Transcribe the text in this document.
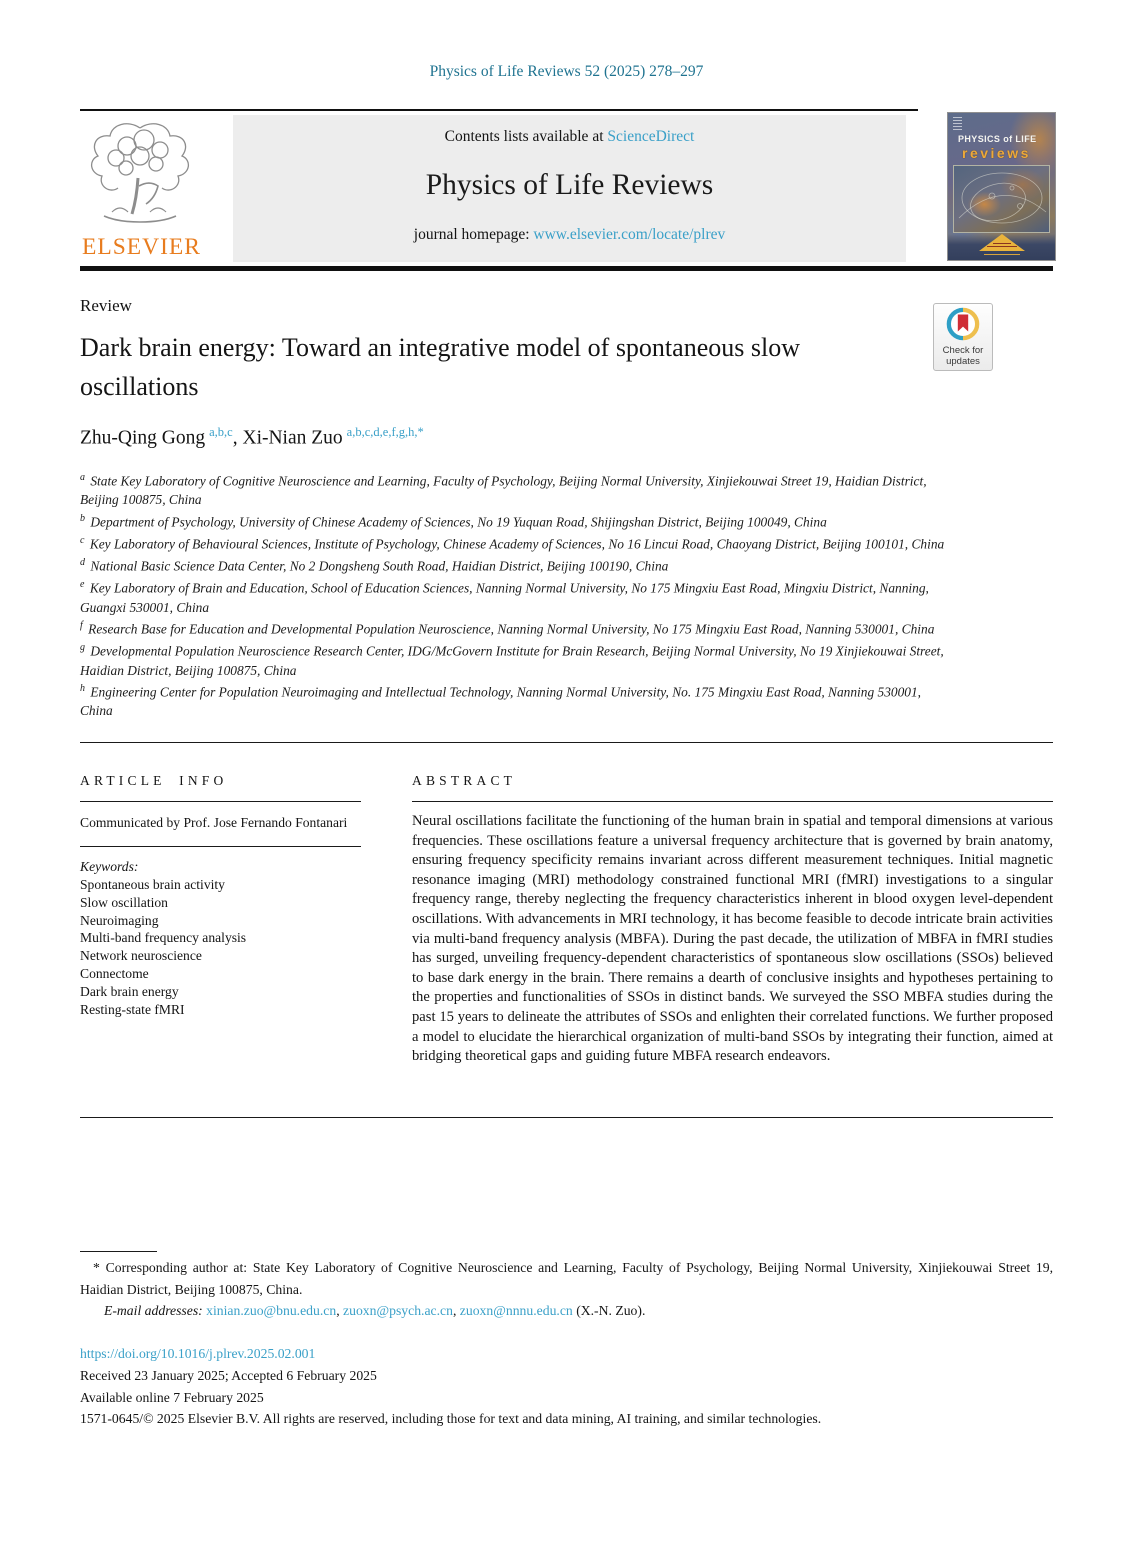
Physics of Life Reviews 52 (2025) 278–297
ELSEVIER
Contents lists available at ScienceDirect
Physics of Life Reviews
journal homepage: www.elsevier.com/locate/plrev
PHYSICS of LIFE
reviews
Review
Check for
updates
Dark brain energy: Toward an integrative model of spontaneous slow oscillations
Zhu-Qing Gong $^{a,b,c}$, Xi-Nian Zuo $^{a,b,c,d,e,f,g,h,*}$
$^a$ State Key Laboratory of Cognitive Neuroscience and Learning, Faculty of Psychology, Beijing Normal University, Xinjiekouwai Street 19, Haidian District, Beijing 100875, China
$^b$ Department of Psychology, University of Chinese Academy of Sciences, No 19 Yuquan Road, Shijingshan District, Beijing 100049, China
$^c$ Key Laboratory of Behavioural Sciences, Institute of Psychology, Chinese Academy of Sciences, No 16 Lincui Road, Chaoyang District, Beijing 100101, China
$^d$ National Basic Science Data Center, No 2 Dongsheng South Road, Haidian District, Beijing 100190, China
$^e$ Key Laboratory of Brain and Education, School of Education Sciences, Nanning Normal University, No 175 Mingxiu East Road, Mingxiu District, Nanning, Guangxi 530001, China
$^f$ Research Base for Education and Developmental Population Neuroscience, Nanning Normal University, No 175 Mingxiu East Road, Nanning 530001, China
$^g$ Developmental Population Neuroscience Research Center, IDG/McGovern Institute for Brain Research, Beijing Normal University, No 19 Xinjiekouwai Street, Haidian District, Beijing 100875, China
$^h$ Engineering Center for Population Neuroimaging and Intellectual Technology, Nanning Normal University, No. 175 Mingxiu East Road, Nanning 530001, China
ARTICLE INFO
Communicated by Prof. Jose Fernando Fontanari
Keywords:
Spontaneous brain activity
Slow oscillation
Neuroimaging
Multi-band frequency analysis
Network neuroscience
Connectome
Dark brain energy
Resting-state fMRI
ABSTRACT
Neural oscillations facilitate the functioning of the human brain in spatial and temporal dimensions at various frequencies. These oscillations feature a universal frequency architecture that is governed by brain anatomy, ensuring frequency specificity remains invariant across different measurement techniques. Initial magnetic resonance imaging (MRI) methodology constrained functional MRI (fMRI) investigations to a singular frequency range, thereby neglecting the frequency characteristics inherent in blood oxygen level-dependent oscillations. With advancements in MRI technology, it has become feasible to decode intricate brain activities via multi-band frequency analysis (MBFA). During the past decade, the utilization of MBFA in fMRI studies has surged, unveiling frequency-dependent characteristics of spontaneous slow oscillations (SSOs) believed to base dark energy in the brain. There remains a dearth of conclusive insights and hypotheses pertaining to the properties and functionalities of SSOs in distinct bands. We surveyed the SSO MBFA studies during the past 15 years to delineate the attributes of SSOs and enlighten their correlated functions. We further proposed a model to elucidate the hierarchical organization of multi-band SSOs by integrating their function, aimed at bridging theoretical gaps and guiding future MBFA research endeavors.
* Corresponding author at: State Key Laboratory of Cognitive Neuroscience and Learning, Faculty of Psychology, Beijing Normal University, Xinjiekouwai Street 19, Haidian District, Beijing 100875, China.
E-mail addresses: xinian.zuo@bnu.edu.cn, zuoxn@psych.ac.cn, zuoxn@nnnu.edu.cn (X.-N. Zuo).
https://doi.org/10.1016/j.plrev.2025.02.001
Received 23 January 2025; Accepted 6 February 2025
Available online 7 February 2025
1571-0645/© 2025 Elsevier B.V. All rights are reserved, including those for text and data mining, AI training, and similar technologies.
